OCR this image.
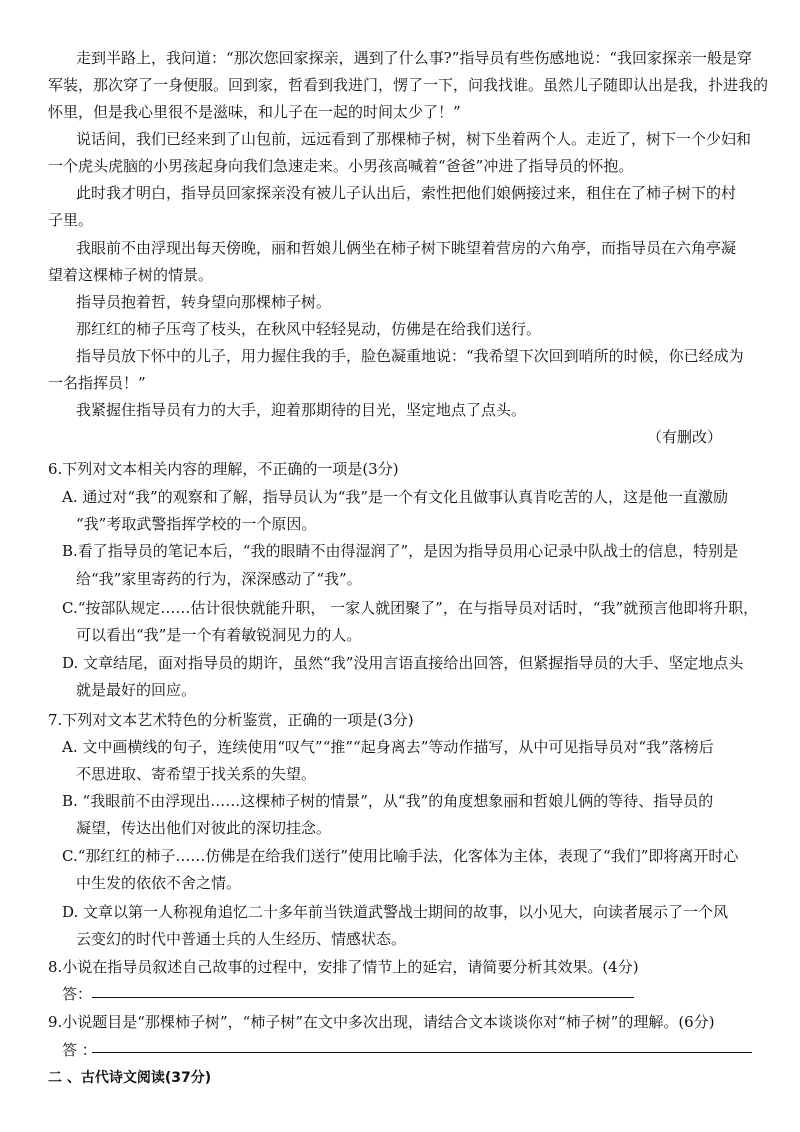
走到半路上，我问道：“那次您回家探亲，遇到了什么事?”指导员有些伤感地说：“我回家探亲一般是穿
军装，那次穿了一身便服。回到家，哲看到我进门，愣了一下，问我找谁。虽然儿子随即认出是我，扑进我的
怀里，但是我心里很不是滋味，和儿子在一起的时间太少了！”
说话间，我们已经来到了山包前，远远看到了那棵柿子树，树下坐着两个人。走近了，树下一个少妇和
一个虎头虎脑的小男孩起身向我们急速走来。小男孩高喊着“爸爸”冲进了指导员的怀抱。
此时我才明白，指导员回家探亲没有被儿子认出后，索性把他们娘俩接过来，租住在了柿子树下的村
子里。
我眼前不由浮现出每天傍晚，丽和哲娘儿俩坐在柿子树下眺望着营房的六角亭，而指导员在六角亭凝
望着这棵柿子树的情景。
指导员抱着哲，转身望向那棵柿子树。
那红红的柿子压弯了枝头，在秋风中轻轻晃动，仿佛是在给我们送行。
指导员放下怀中的儿子，用力握住我的手，脸色凝重地说：“我希望下次回到哨所的时候，你已经成为
一名指挥员！”
我紧握住指导员有力的大手，迎着那期待的目光，坚定地点了点头。
（有删改）
6.下列对文本相关内容的理解，不正确的一项是(3分)
A. 通过对“我”的观察和了解，指导员认为“我”是一个有文化且做事认真肯吃苦的人，这是他一直激励
“我”考取武警指挥学校的一个原因。
B.看了指导员的笔记本后，“我的眼睛不由得湿润了”，是因为指导员用心记录中队战士的信息，特别是
给“我”家里寄药的行为，深深感动了“我”。
C.“按部队规定……估计很快就能升职， 一家人就团聚了”，在与指导员对话时，“我”就预言他即将升职，
可以看出“我”是一个有着敏锐洞见力的人。
D. 文章结尾，面对指导员的期许，虽然“我”没用言语直接给出回答，但紧握指导员的大手、坚定地点头
就是最好的回应。
7.下列对文本艺术特色的分析鉴赏，正确的一项是(3分)
A. 文中画横线的句子，连续使用“叹气”“推”“起身离去”等动作描写，从中可见指导员对“我”落榜后
不思进取、寄希望于找关系的失望。
B. “我眼前不由浮现出……这棵柿子树的情景”，从“我”的角度想象丽和哲娘儿俩的等待、指导员的
凝望，传达出他们对彼此的深切挂念。
C.“那红红的柿子……仿佛是在给我们送行”使用比喻手法，化客体为主体，表现了“我们”即将离开时心
中生发的依依不舍之情。
D. 文章以第一人称视角追忆二十多年前当铁道武警战士期间的故事，以小见大，向读者展示了一个风
云变幻的时代中普通士兵的人生经历、情感状态。
8.小说在指导员叙述自己故事的过程中，安排了情节上的延宕，请简要分析其效果。(4分)
答：
9.小说题目是“那棵柿子树”，“柿子树”在文中多次出现，请结合文本谈谈你对“柿子树”的理解。(6分)
答 ：
二 、古代诗文阅读(37分)
